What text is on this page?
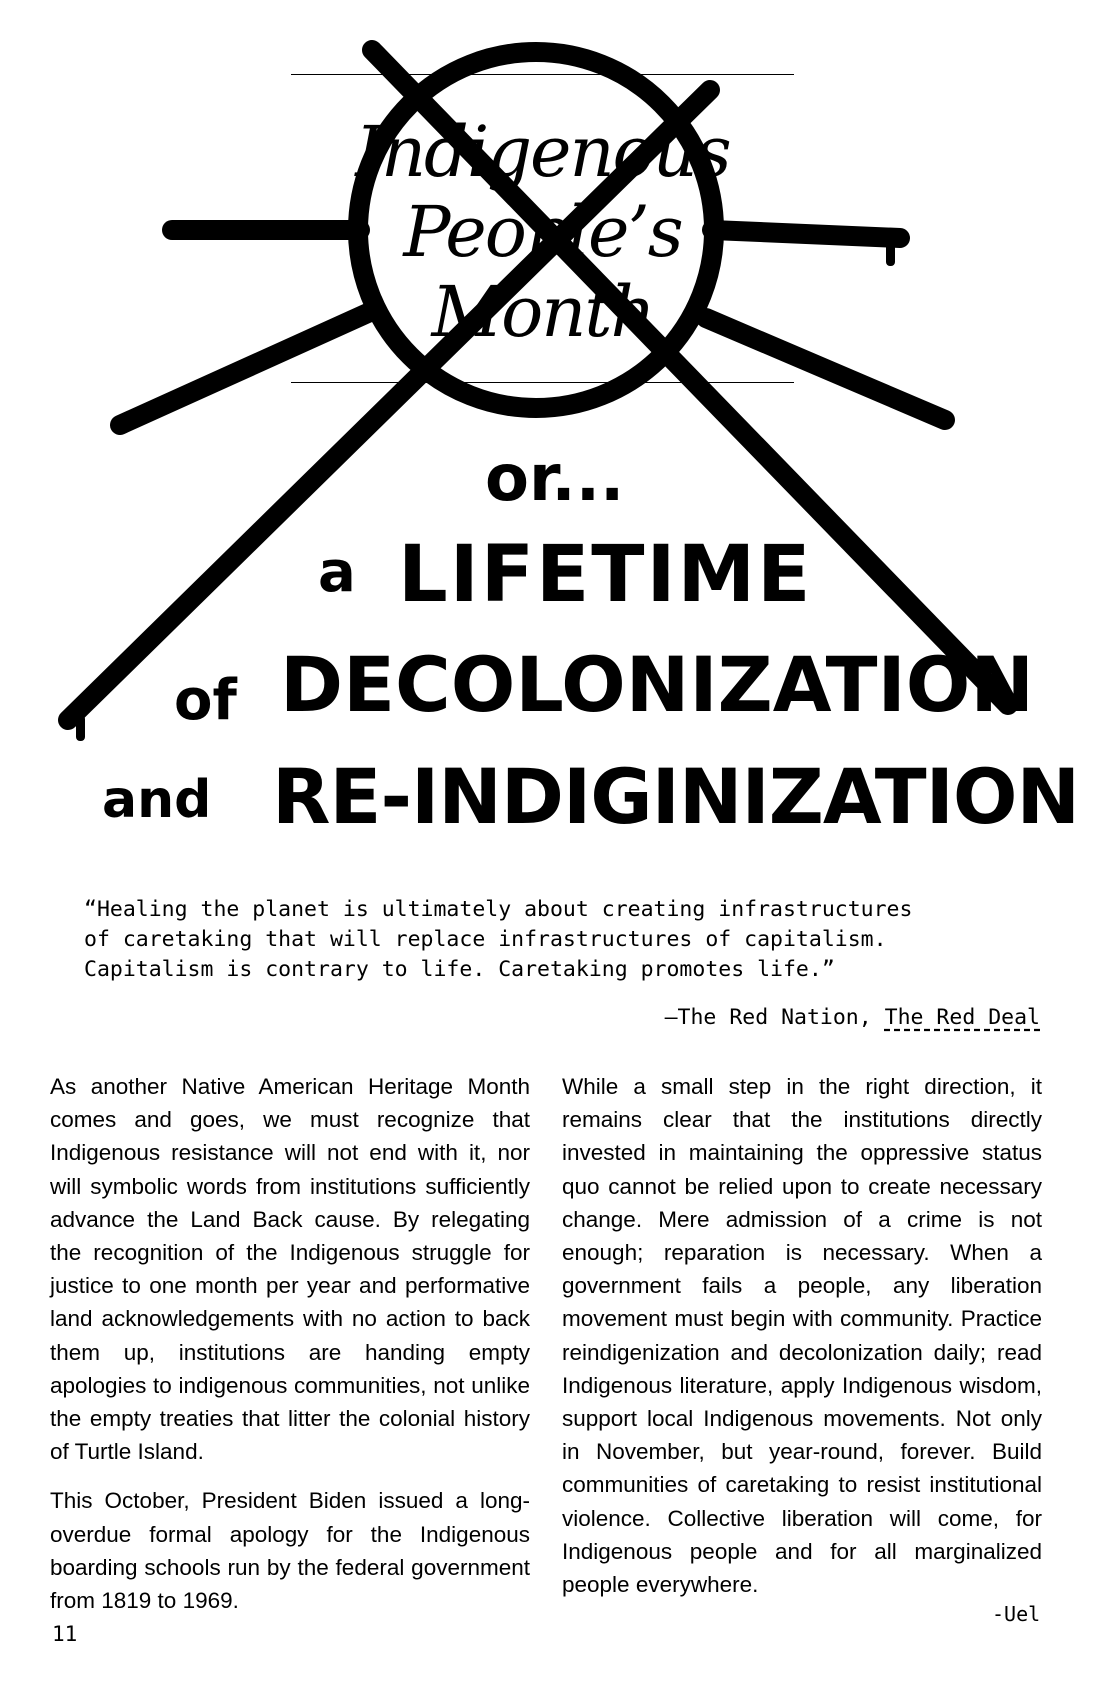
Indigenous
People’s
Month
or...
a LIFETIME
of DECOLONIZATION
and RE-INDIGINIZATION
“Healing the planet is ultimately about creating infrastructures
of caretaking that will replace infrastructures of capitalism.
Capitalism is contrary to life. Caretaking promotes life.”
—The Red Nation, The Red Deal

As another Native American Heritage Month comes and goes, we must recognize that Indigenous resistance will not end with it, nor will symbolic words from institutions sufficiently advance the Land Back cause. By relegating the recognition of the Indigenous struggle for justice to one month per year and performative land acknowledgements with no action to back them up, institutions are handing empty apologies to indigenous communities, not unlike the empty treaties that litter the colonial history of Turtle Island.

This October, President Biden issued a long-overdue formal apology for the Indigenous boarding schools run by the federal government from 1819 to 1969.

While a small step in the right direction, it remains clear that the institutions directly invested in maintaining the oppressive status quo cannot be relied upon to create necessary change. Mere admission of a crime is not enough; reparation is necessary. When a government fails a people, any liberation movement must begin with community. Practice reindigenization and decolonization daily; read Indigenous literature, apply Indigenous wisdom, support local Indigenous movements. Not only in November, but year-round, forever. Build communities of caretaking to resist institutional violence. Collective liberation will come, for Indigenous people and for all marginalized people everywhere.

-Uel
11
